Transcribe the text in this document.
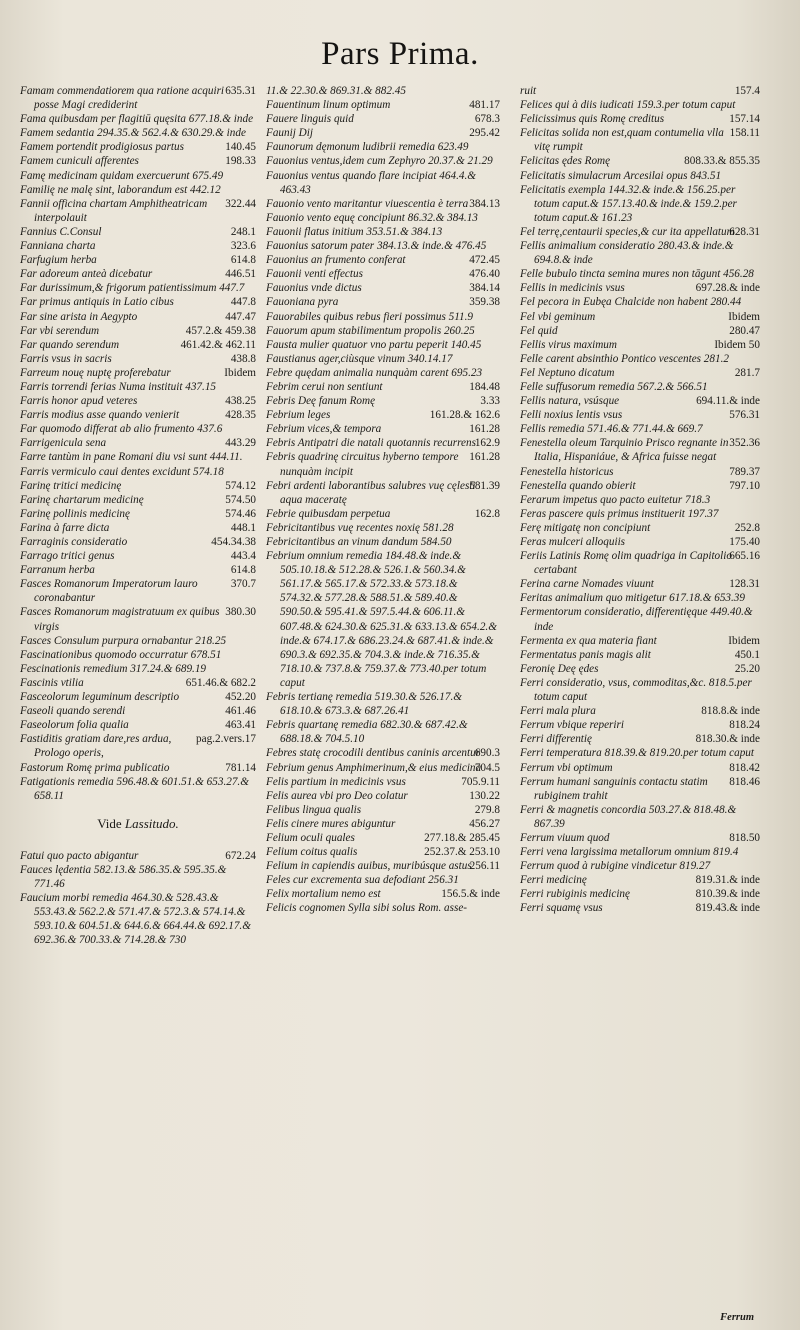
Pars Prima.

635.31
Famam commendatiorem qua ratione acquiri posse Magi crediderint

Fama quibusdam per flagitiū quęsita 677.18.& inde

Famem sedantia 294.35.& 562.4.& 630.29.& inde

140.45
Famem portendit prodigiosus partus

198.33
Famem cuniculi afferentes

Famę medicinam quidam exercuerunt 675.49

Familię ne malę sint, laborandum est 442.12

322.44
Fannii officina chartam Amphitheatricam interpolauit

248.1
Fannius C.Consul

323.6
Fanniana charta

614.8
Farfugium herba

446.51
Far adoreum anteà dicebatur

Far durissimum,& frigorum patientissimum 447.7

447.8
Far primus antiquis in Latio cibus

447.47
Far sine arista in Aegypto

457.2.& 459.38
Far vbi serendum

461.42.& 462.11
Far quando serendum

438.8
Farris vsus in sacris

Ibidem
Farreum nouę nuptę proferebatur

Farris torrendi ferias Numa instituit 437.15

438.25
Farris honor apud veteres

428.35
Farris modius asse quando venierit

Far quomodo differat ab alio frumento 437.6

443.29
Farrigenicula sena

Farre tantùm in pane Romani diu vsi sunt 444.11.

Farris vermiculo caui dentes excidunt 574.18

574.12
Farinę tritici medicinę

574.50
Farinę chartarum medicinę

574.46
Farinę pollinis medicinę

448.1
Farina à farre dicta

454.34.38
Farraginis consideratio

443.4
Farrago tritici genus

614.8
Farranum herba

370.7
Fasces Romanorum Imperatorum lauro coronabantur

380.30
Fasces Romanorum magistratuum ex quibus virgis

Fasces Consulum purpura ornabantur 218.25

Fascinationibus quomodo occurratur 678.51

Fescinationis remedium 317.24.& 689.19

651.46.& 682.2
Fascinis vtilia

452.20
Fasceolorum leguminum descriptio

461.46
Faseoli quando serendi

463.41
Faseolorum folia qualia

pag.2.vers.17
Fastiditis gratiam dare,res ardua, Prologo operis,

781.14
Fastorum Romę prima publicatio

Fatigationis remedia 596.48.& 601.51.& 653.27.& 658.11

Vide Lassitudo.

672.24
Fatui quo pacto abigantur

Fauces lędentia 582.13.& 586.35.& 595.35.& 771.46

Faucium morbi remedia 464.30.& 528.43.& 553.43.& 562.2.& 571.47.& 572.3.& 574.14.& 593.10.& 604.51.& 644.6.& 664.44.& 692.17.& 692.36.& 700.33.& 714.28.& 730

11.& 22.30.& 869.31.& 882.45

481.17
Fauentinum linum optimum

678.3
Fauere linguis quid

295.42
Faunij Dij

Faunorum dęmonum ludibrii remedia 623.49

Fauonius ventus,idem cum Zephyro 20.37.& 21.29

Fauonius ventus quando flare incipiat 464.4.& 463.43

384.13
Fauonio vento maritantur viuescentia è terra

Fauonio vento equę concipiunt 86.32.& 384.13

Fauonii flatus initium 353.51.& 384.13

Fauonius satorum pater 384.13.& inde.& 476.45

472.45
Fauonius an frumento conferat

476.40
Fauonii venti effectus

384.14
Fauonius vnde dictus

359.38
Fauoniana pyra

Fauorabiles quibus rebus fieri possimus 511.9

Fauorum apum stabilimentum propolis 260.25

Fausta mulier quatuor vno partu peperit 140.45

Faustianus ager,ciùsque vinum 340.14.17

Febre quędam animalia nunquàm carent 695.23

184.48
Febrim cerui non sentiunt

3.33
Febris Deę fanum Romę

161.28.& 162.6
Febrium leges

161.28
Febrium vices,& tempora

162.9
Febris Antipatri die natali quotannis recurrens

161.28
Febris quadrinę circuitus hyberno tempore nunquàm incipit

581.39
Febri ardenti laborantibus salubres vuę cęlesti aqua maceratę

162.8
Febrie quibusdam perpetua

Febricitantibus vuę recentes noxię 581.28

Febricitantibus an vinum dandum 584.50

Febrium omnium remedia 184.48.& inde.& 505.10.18.& 512.28.& 526.1.& 560.34.& 561.17.& 565.17.& 572.33.& 573.18.& 574.32.& 577.28.& 588.51.& 589.40.& 590.50.& 595.41.& 597.5.44.& 606.11.& 607.48.& 624.30.& 625.31.& 633.13.& 654.2.& inde.& 674.17.& 686.23.24.& 687.41.& inde.& 690.3.& 692.35.& 704.3.& inde.& 716.35.& 718.10.& 737.8.& 759.37.& 773.40.per totum caput

Febris tertianę remedia 519.30.& 526.17.& 618.10.& 673.3.& 687.26.41

Febris quartanę remedia 682.30.& 687.42.& 688.18.& 704.5.10

690.3
Febres statę crocodili dentibus caninis arcentur

704.5
Febrium genus Amphimerinum,& eius medicina

705.9.11
Felis partium in medicinis vsus

130.22
Felis aurea vbi pro Deo colatur

279.8
Felibus lingua qualis

456.27
Felis cinere mures abiguntur

277.18.& 285.45
Felium oculi quales

252.37.& 253.10
Felium coitus qualis

256.11
Felium in capiendis auibus, muribúsque astus

Feles cur excrementa sua defodiant 256.31

156.5.& inde
Felix mortalium nemo est

Felicis cognomen Sylla sibi solus Rom. asse-

157.4
ruit

Felices qui à diis iudicati 159.3.per totum caput

157.14
Felicissimus quis Romę creditus

158.11
Felicitas solida non est,quam contumelia vlla vitę rumpit

808.33.& 855.35
Felicitas ędes Romę

Felicitatis simulacrum Arcesilai opus 843.51

Felicitatis exempla 144.32.& inde.& 156.25.per totum caput.& 157.13.40.& inde.& 159.2.per totum caput.& 161.23

628.31
Fel terrę,centaurii species,& cur ita appellatum

Fellis animalium consideratio 280.43.& inde.& 694.8.& inde

Felle bubulo tincta semina mures non tāgunt 456.28

697.28.& inde
Fellis in medicinis vsus

Fel pecora in Eubęa Chalcide non habent 280.44

Ibidem
Fel vbi geminum

280.47
Fel quid

Ibidem 50
Fellis virus maximum

Felle carent absinthio Pontico vescentes 281.2

281.7
Fel Neptuno dicatum

Felle suffusorum remedia 567.2.& 566.51

694.11.& inde
Fellis natura, vsúsque

576.31
Felli noxius lentis vsus

Fellis remedia 571.46.& 771.44.& 669.7

352.36
Fenestella oleum Tarquinio Prisco regnante in Italia, Hispaniáue, & Africa fuisse negat

789.37
Fenestella historicus

797.10
Fenestella quando obierit

Ferarum impetus quo pacto euitetur 718.3

Feras pascere quis primus instituerit 197.37

252.8
Ferę mitigatę non concipiunt

175.40
Feras mulceri alloquiis

665.16
Feriis Latinis Romę olim quadriga in Capitolio certabant

128.31
Ferina carne Nomades viuunt

Feritas animalium quo mitigetur 617.18.& 653.39

Fermentorum consideratio, differentięque 449.40.& inde

Ibidem
Fermenta ex qua materia fiant

450.1
Fermentatus panis magis alit

25.20
Feronię Deę ędes

Ferri consideratio, vsus, commoditas,&c. 818.5.per totum caput

818.8.& inde
Ferri mala plura

818.24
Ferrum vbique reperiri

818.30.& inde
Ferri differentię

Ferri temperatura 818.39.& 819.20.per totum caput

818.42
Ferrum vbi optimum

818.46
Ferrum humani sanguinis contactu statim rubiginem trahit

Ferri & magnetis concordia 503.27.& 818.48.& 867.39

818.50
Ferrum viuum quod

Ferri vena largissima metallorum omnium 819.4

Ferrum quod à rubigine vindicetur 819.27

819.31.& inde
Ferri medicinę

810.39.& inde
Ferri rubiginis medicinę

819.43.& inde
Ferri squamę vsus

Ferrum
